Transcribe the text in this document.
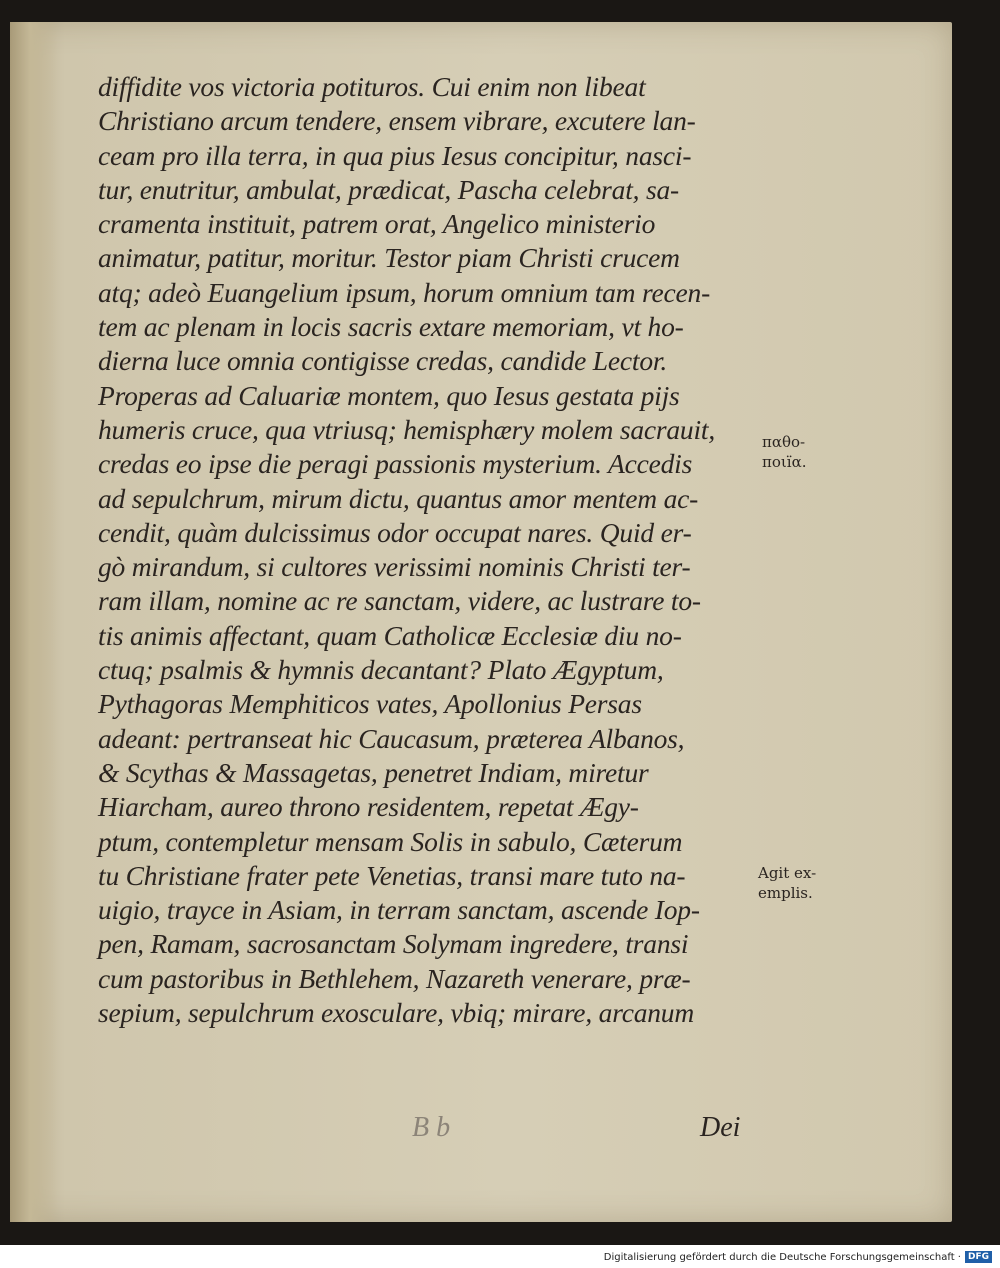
diffidite vos victoria potituros. Cui enim non libeat
Christiano arcum tendere, ensem vibrare, excutere lan-
ceam pro illa terra, in qua pius Iesus concipitur, nasci-
tur, enutritur, ambulat, prædicat, Pascha celebrat, sa-
cramenta instituit, patrem orat, Angelico ministerio
animatur, patitur, moritur. Testor piam Christi crucem
atq; adeò Euangelium ipsum, horum omnium tam recen-
tem ac plenam in locis sacris extare memoriam, vt ho-
dierna luce omnia contigisse credas, candide Lector.
Properas ad Caluariæ montem, quo Iesus gestata pijs
humeris cruce, qua vtriusq; hemisphæry molem sacrauit,
credas eo ipse die peragi passionis mysterium. Accedis
ad sepulchrum, mirum dictu, quantus amor mentem ac-
cendit, quàm dulcissimus odor occupat nares. Quid er-
gò mirandum, si cultores verissimi nominis Christi ter-
ram illam, nomine ac re sanctam, videre, ac lustrare to-
tis animis affectant, quam Catholicæ Ecclesiæ diu no-
ctuq; psalmis & hymnis decantant? Plato Ægyptum,
Pythagoras Memphiticos vates, Apollonius Persas
adeant: pertranseat hic Caucasum, præterea Albanos,
& Scythas & Massagetas, penetret Indiam, miretur
Hiarcham, aureo throno residentem, repetat Ægy-
ptum, contempletur mensam Solis in sabulo, Cæterum
tu Christiane frater pete Venetias, transi mare tuto na-
uigio, trayce in Asiam, in terram sanctam, ascende Iop-
pen, Ramam, sacrosanctam Solymam ingredere, transi
cum pastoribus in Bethlehem, Nazareth venerare, præ-
sepium, sepulchrum exosculare, vbiq; mirare, arcanum
παθο-
ποιїα.
Agit ex-
emplis.
B b	Dei
Digitalisierung gefördert durch die Deutsche Forschungsgemeinschaft · DFG
